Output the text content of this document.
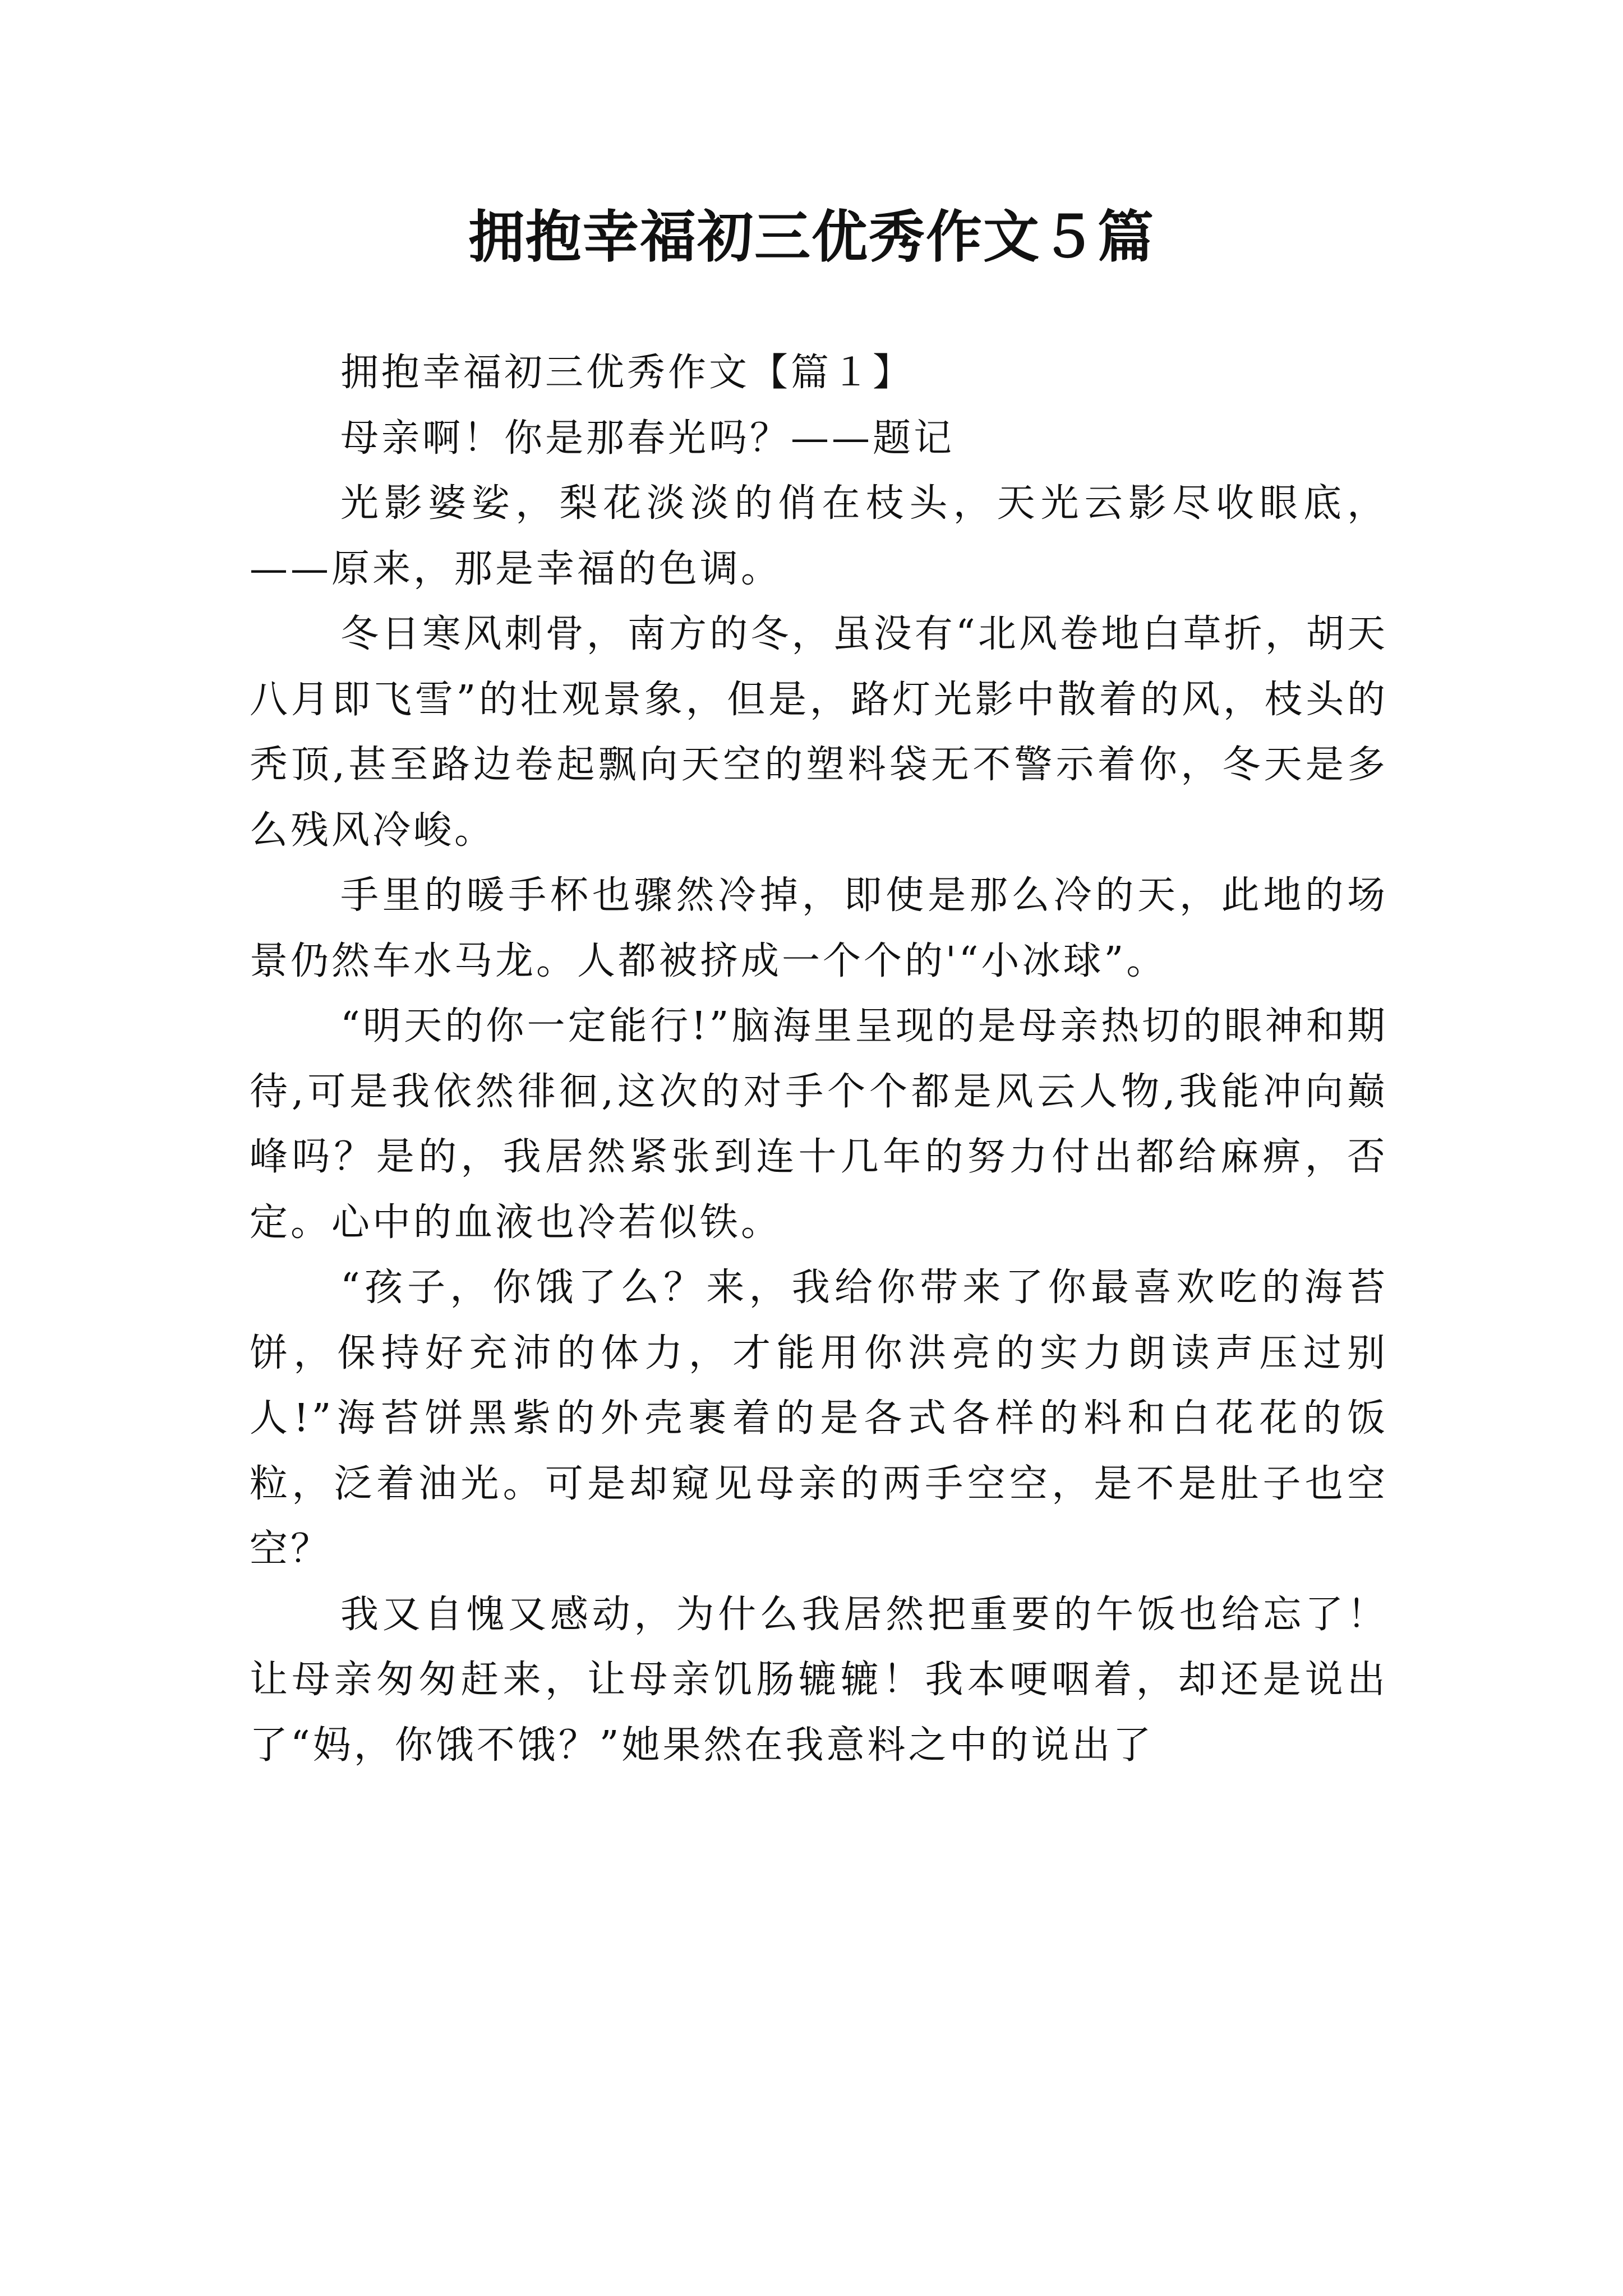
拥抱幸福初三优秀作文５篇

拥抱幸福初三优秀作文【篇１】

母亲啊！你是那春光吗？——题记

光影婆娑，梨花淡淡的俏在枝头，天光云影尽收眼底，——原来，那是幸福的色调。

冬日寒风刺骨，南方的冬，虽没有“北风卷地白草折，胡天八月即飞雪”的壮观景象，但是，路灯光影中散着的风，枝头的秃顶,甚至路边卷起飘向天空的塑料袋无不警示着你，冬天是多么残风冷峻。

手里的暖手杯也骤然冷掉，即使是那么冷的天，此地的场景仍然车水马龙。人都被挤成一个个的'“小冰球”。

“明天的你一定能行!”脑海里呈现的是母亲热切的眼神和期待,可是我依然徘徊,这次的对手个个都是风云人物,我能冲向巅峰吗？是的，我居然紧张到连十几年的努力付出都给麻痹，否定。心中的血液也冷若似铁。

“孩子，你饿了么？来，我给你带来了你最喜欢吃的海苔饼，保持好充沛的体力，才能用你洪亮的实力朗读声压过别人!”海苔饼黑紫的外壳裹着的是各式各样的料和白花花的饭粒，泛着油光。可是却窥见母亲的两手空空，是不是肚子也空空？

我又自愧又感动，为什么我居然把重要的午饭也给忘了！让母亲匆匆赶来，让母亲饥肠辘辘！我本哽咽着，却还是说出了“妈，你饿不饿？”她果然在我意料之中的说出了
